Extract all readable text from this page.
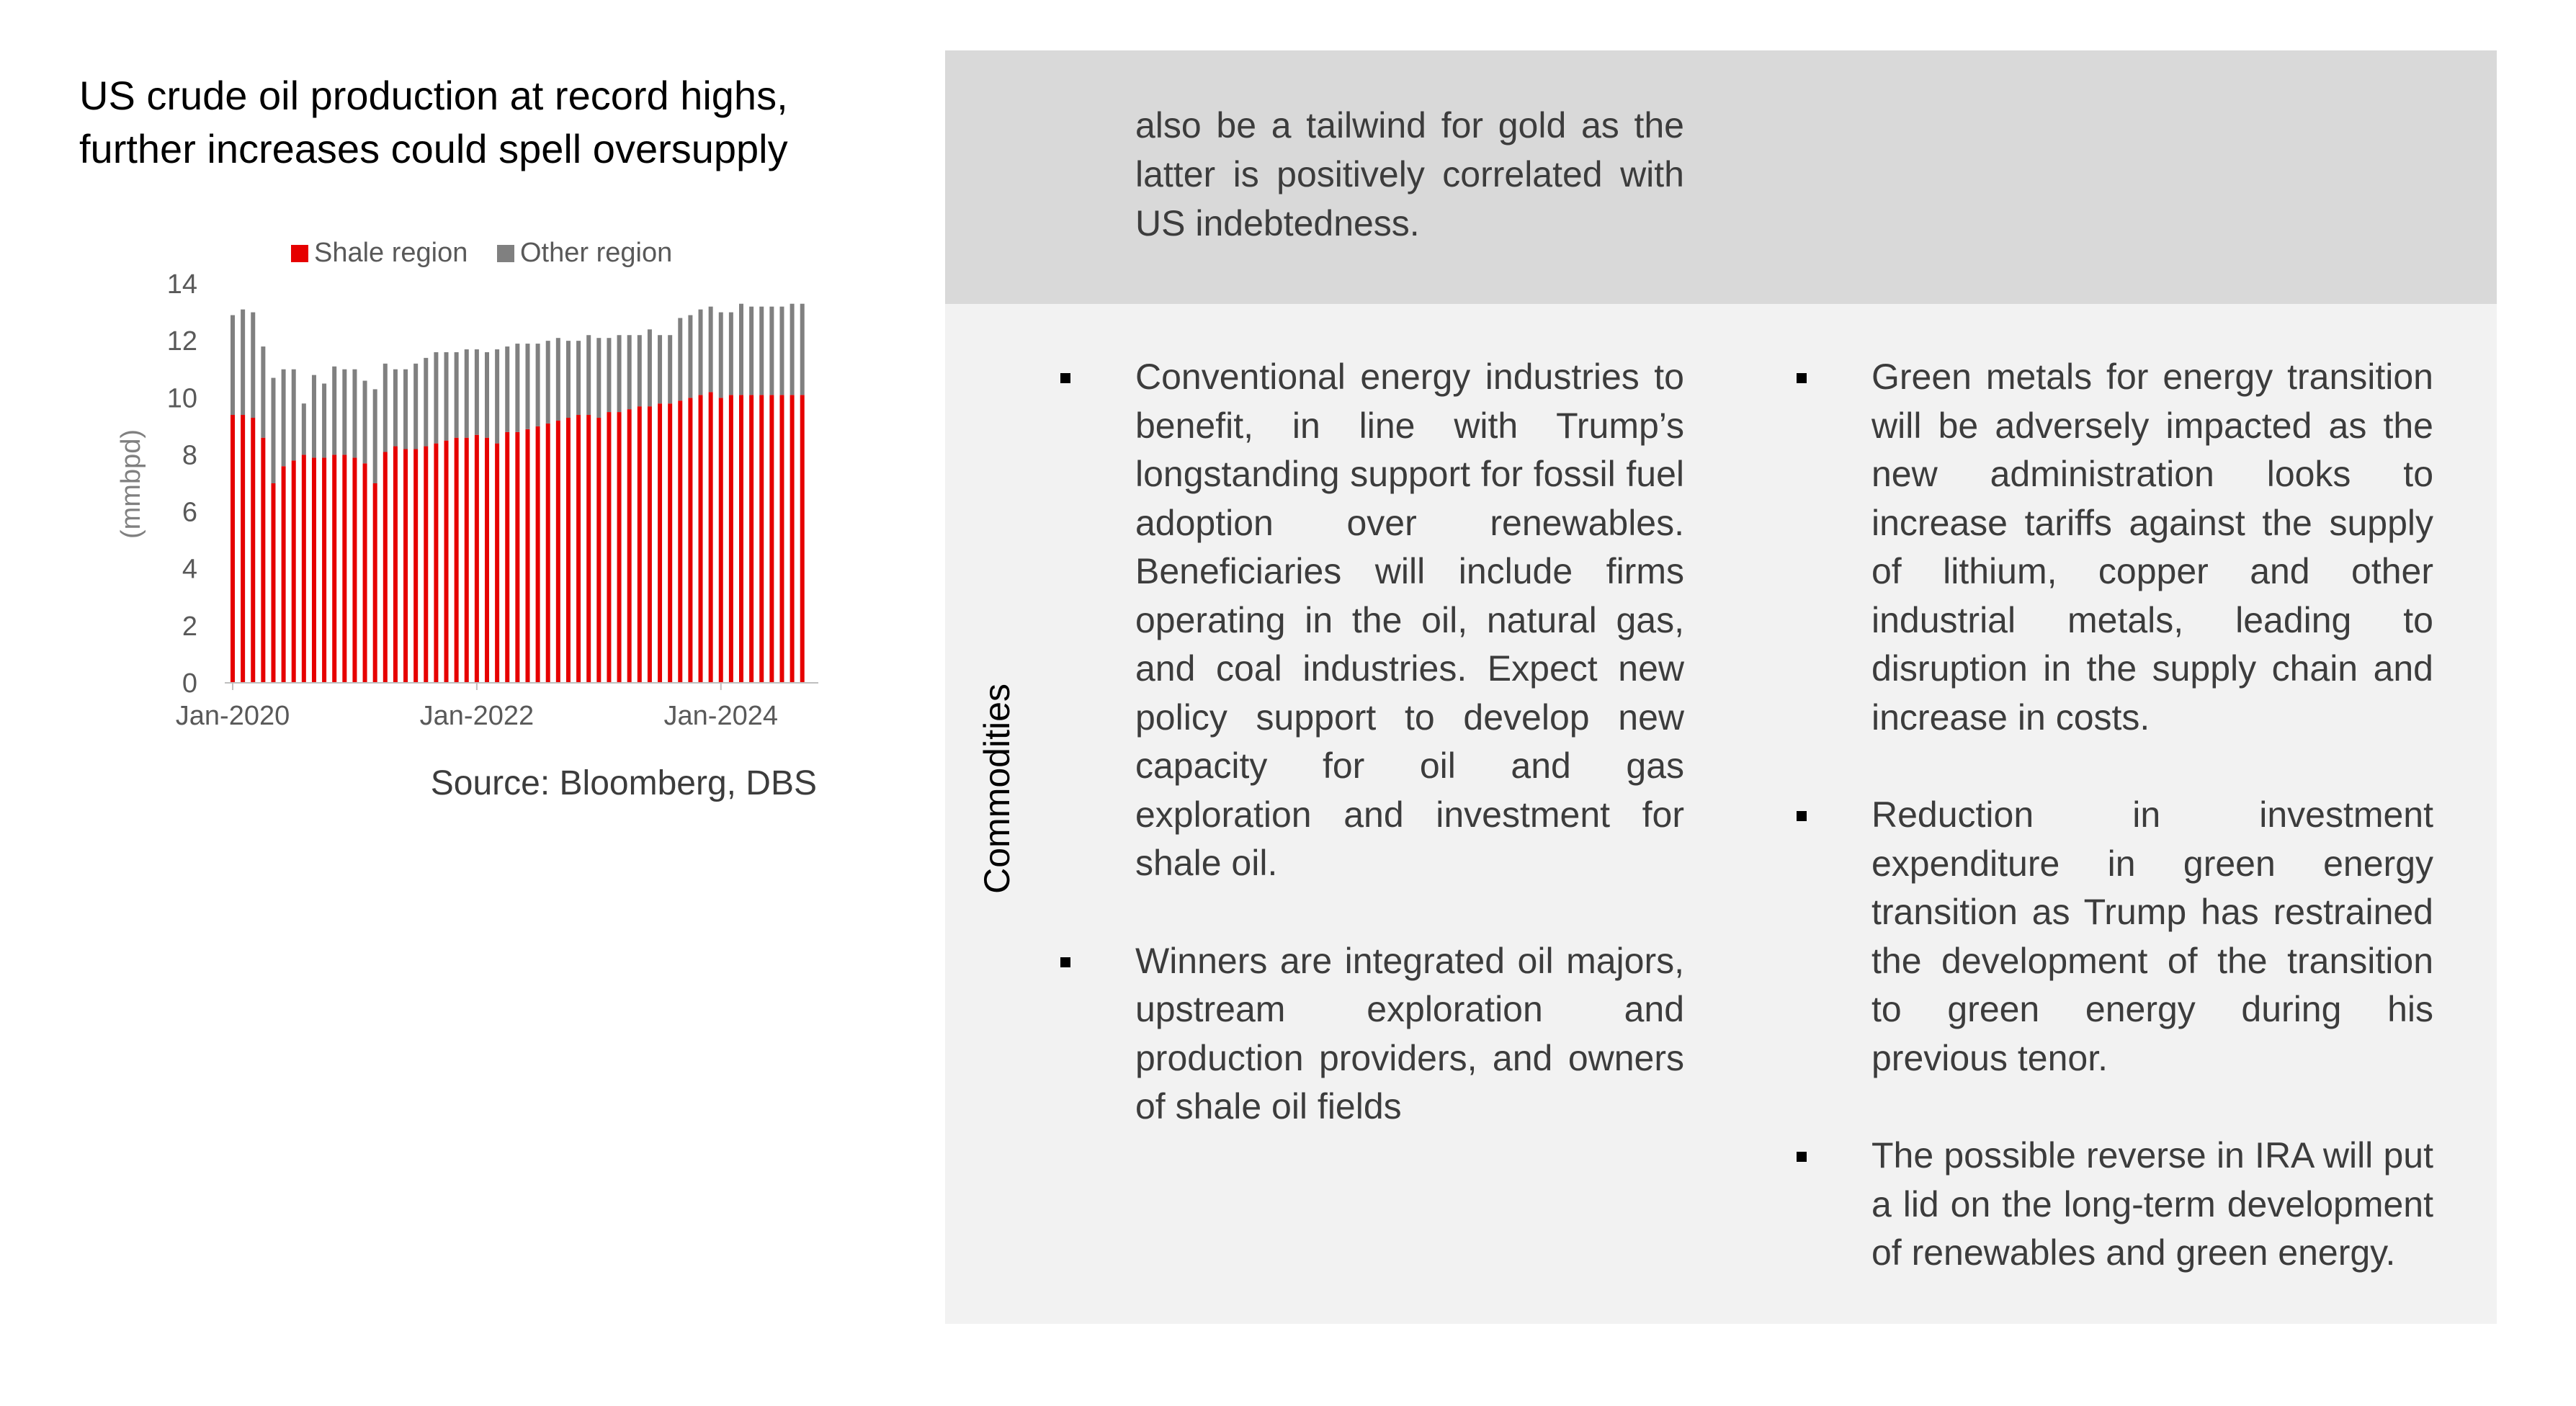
US crude oil production at record highs,
further increases could spell oversupply
Shale region Other region
0
2
4
6
8
10
12
14
(mmbpd)
Jan-2020	Jan-2022	Jan-2024
Source: Bloomberg, DBS
also be a tailwind for gold as the latter is positively correlated with US indebtedness.
Commodities
Conventional energy industries to benefit, in line with Trump’s longstanding support for fossil fuel adoption over renewables. Beneficiaries will include firms operating in the oil, natural gas, and coal industries. Expect new policy support to develop new capacity for oil and gas exploration and investment for shale oil.
Winners are integrated oil majors, upstream exploration and production providers, and owners of shale oil fields
Green metals for energy transition will be adversely impacted as the new administration looks to increase tariffs against the supply of lithium, copper and other industrial metals, leading to disruption in the supply chain and increase in costs.
Reduction in investment expenditure in green energy transition as Trump has restrained the development of the transition to green energy during his previous tenor.
The possible reverse in IRA will put a lid on the long-term development of renewables and green energy.
